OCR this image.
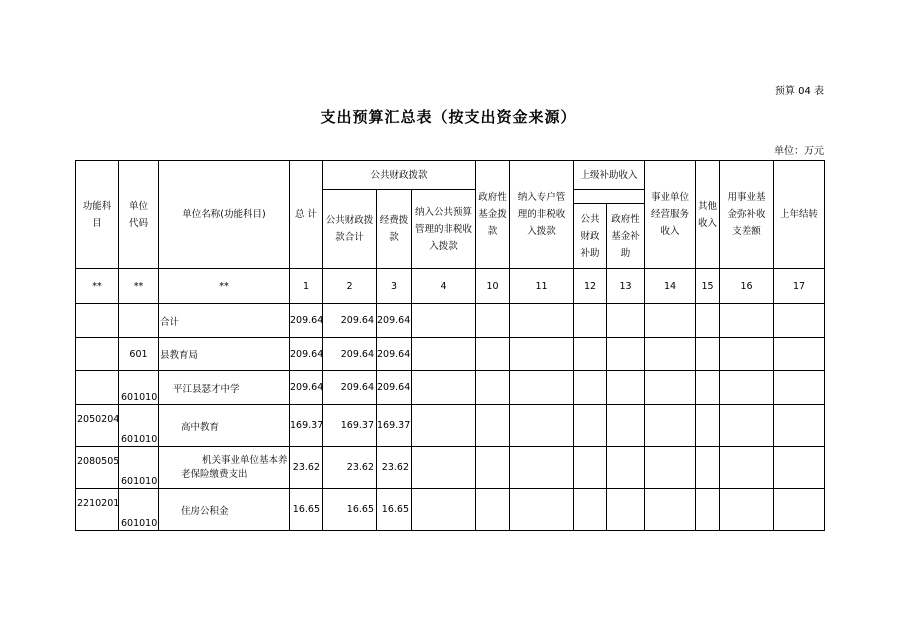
预算 04 表
支出预算汇总表（按支出资金来源）
单位：万元
功能科目	单位代码	单位名称(功能科目)	总 计	公共财政拨款			政府性基金拨款	纳入专户管理的非税收入拨款	上级补助收入		事业单位经营服务收入	其他收入	用事业基金弥补收支差额	上年结转
				公共财政拨款合计	经费拨款	纳入公共预算管理的非税收入拨款								
									公共财政补助	政府性基金补助				
**	**	**	1	2	3	4	10	11	12	13	14	15	16	17
		合计	209.64	209.64	209.64									
	601	县教育局	209.64	209.64	209.64									
	601010	平江县瑟才中学	209.64	209.64	209.64									
2050204	601010	高中教育	169.37	169.37	169.37									
2080505	601010	机关事业单位基本养老保险缴费支出	23.62	23.62	23.62									
2210201	601010	住房公积金	16.65	16.65	16.65									
